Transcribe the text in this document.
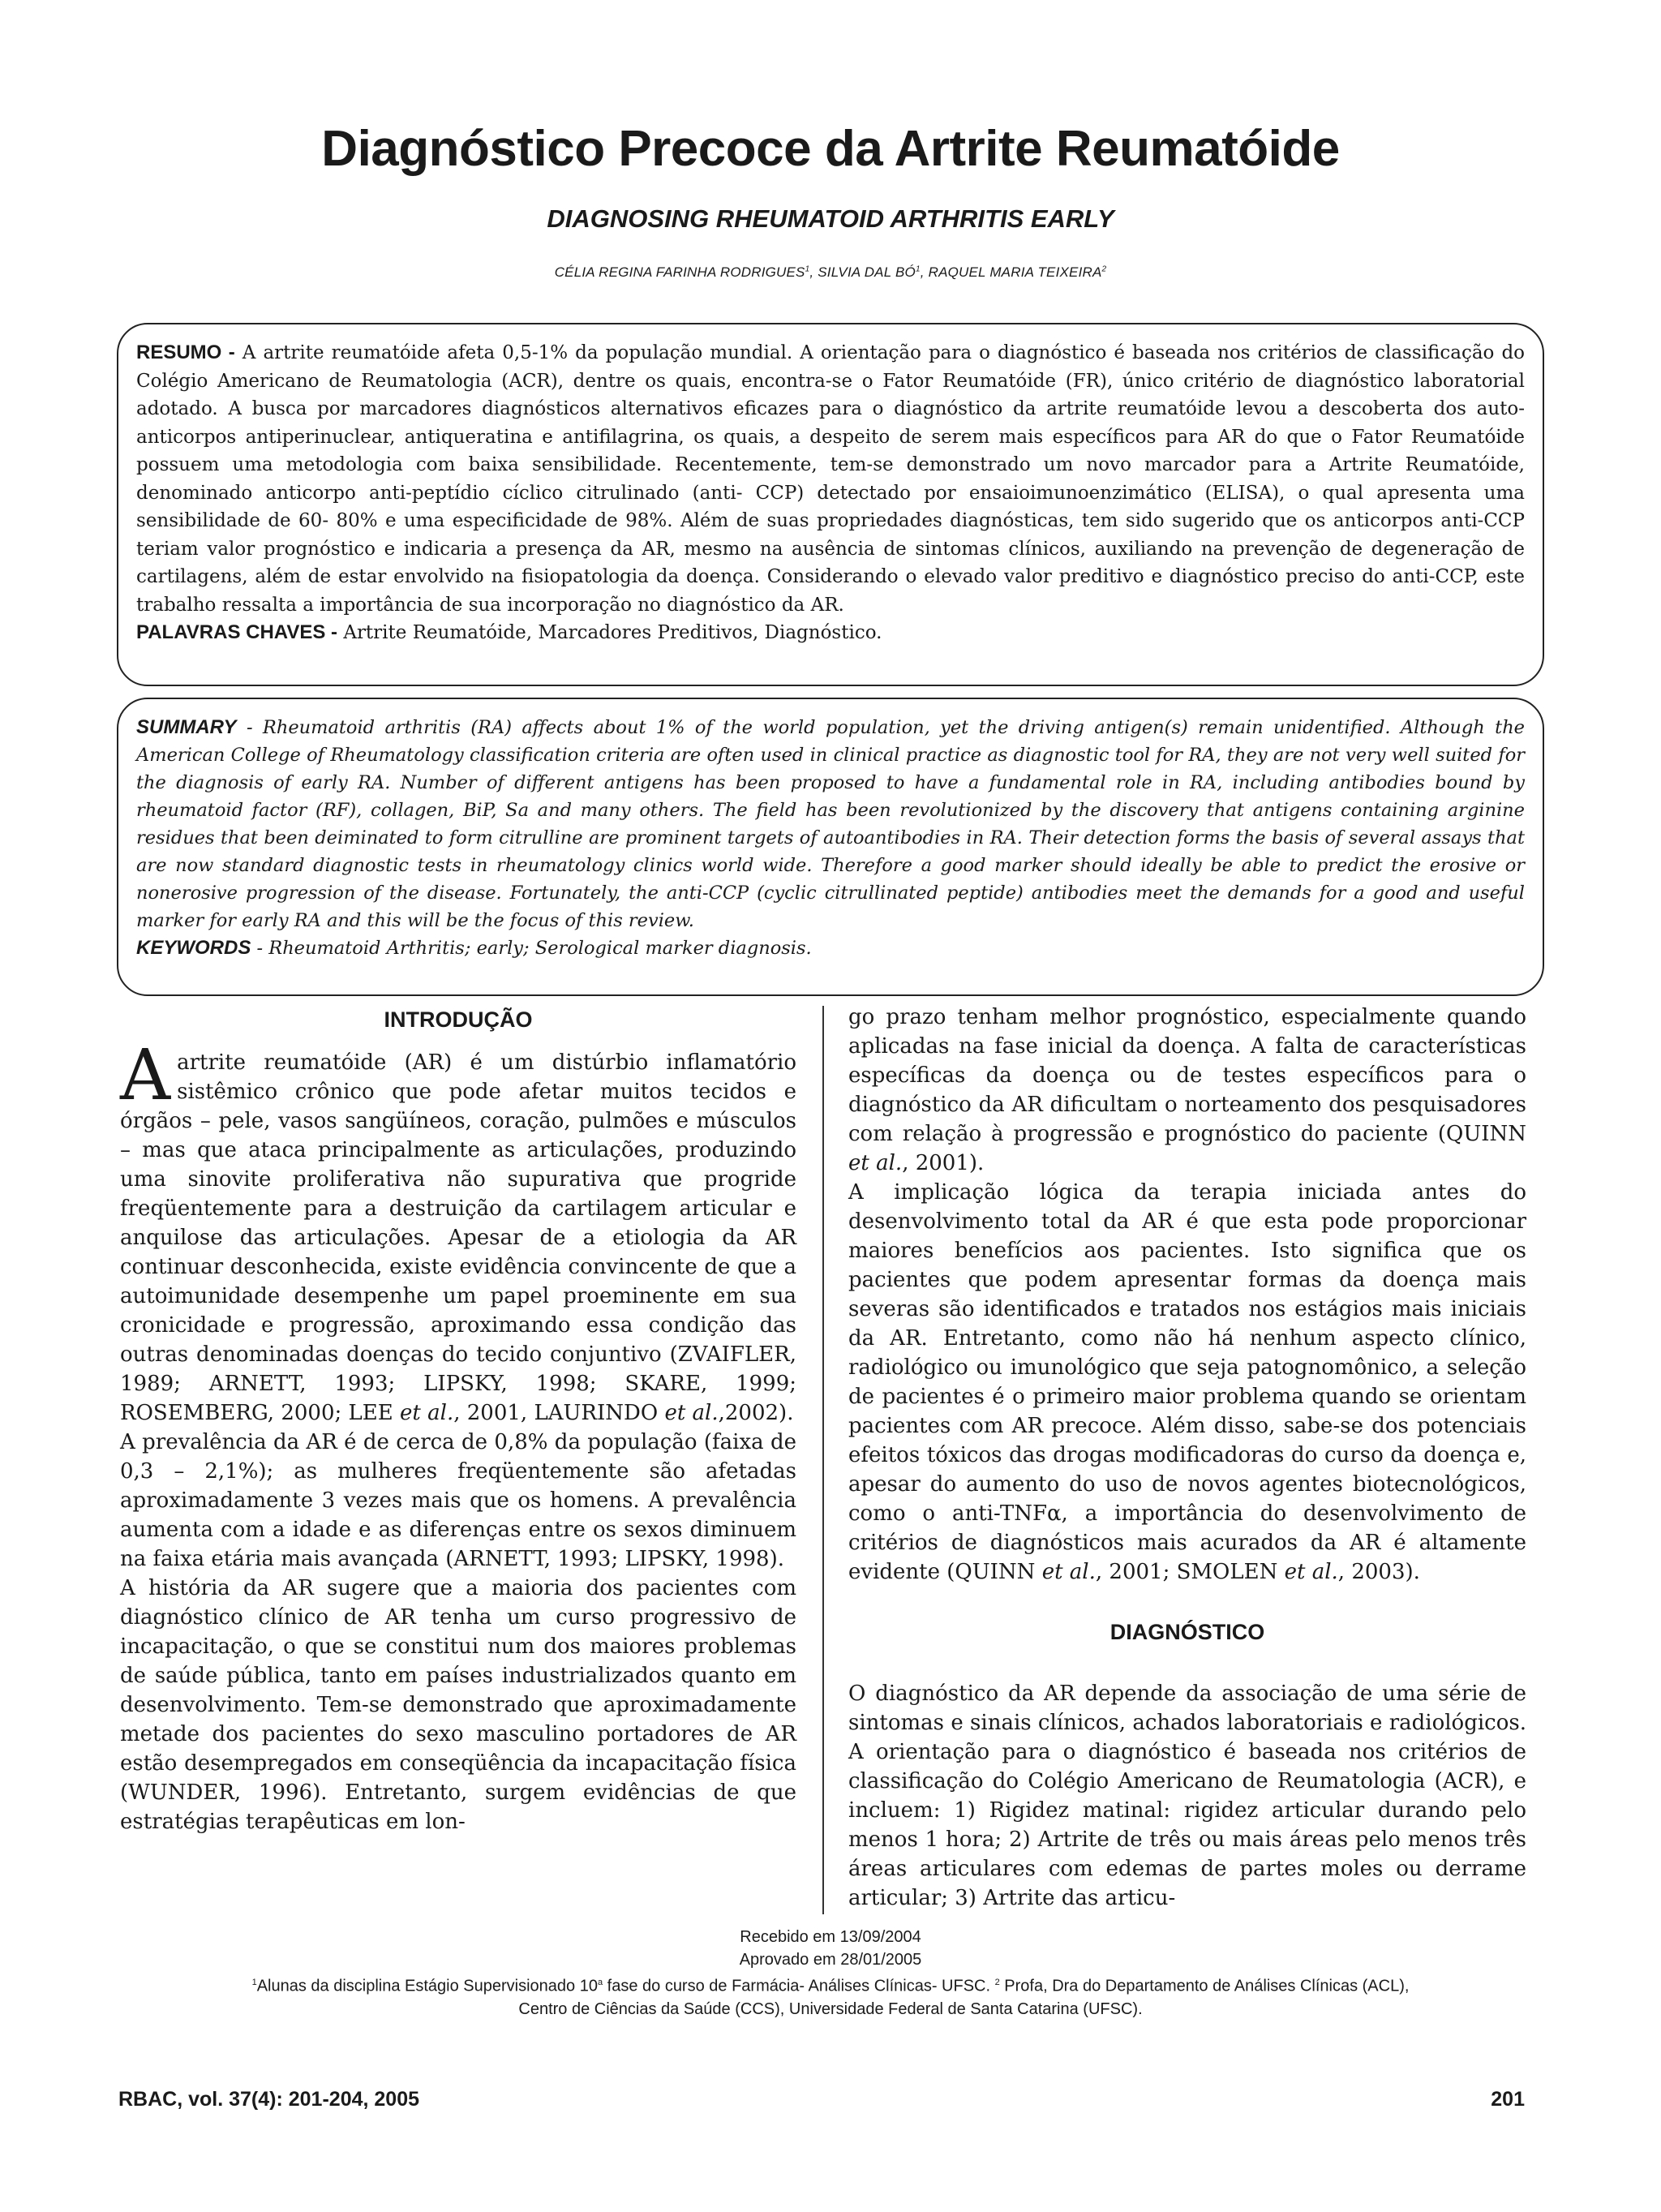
Diagnóstico Precoce da Artrite Reumatóide
DIAGNOSING RHEUMATOID ARTHRITIS EARLY
CÉLIA REGINA FARINHA RODRIGUES$^1$, SILVIA DAL $BÓ^1$, RAQUEL MARIA TEIXEIRA$^2$

RESUMO - A artrite reumatóide afeta 0,5-1% da população mundial. A orientação para o diagnóstico é baseada nos critérios de classificação do Colégio Americano de Reumatologia (ACR), dentre os quais, encontra-se o Fator Reumatóide (FR), único critério de diagnóstico laboratorial adotado. A busca por marcadores diagnósticos alternativos eficazes para o diagnóstico da artrite reumatóide levou a descoberta dos auto-anticorpos antiperinuclear, antiqueratina e antifilagrina, os quais, a despeito de serem mais específicos para AR do que o Fator Reumatóide possuem uma metodologia com baixa sensibilidade. Recentemente, tem-se demonstrado um novo marcador para a Artrite Reumatóide, denominado anticorpo anti-peptídio cíclico citrulinado (anti- CCP) detectado por ensaioimunoenzimático (ELISA), o qual apresenta uma sensibilidade de 60- 80% e uma especificidade de 98%. Além de suas propriedades diagnósticas, tem sido sugerido que os anticorpos anti-CCP teriam valor prognóstico e indicaria a presença da AR, mesmo na ausência de sintomas clínicos, auxiliando na prevenção de degeneração de cartilagens, além de estar envolvido na fisiopatologia da doença. Considerando o elevado valor preditivo e diagnóstico preciso do anti-CCP, este trabalho ressalta a importância de sua incorporação no diagnóstico da AR.

PALAVRAS CHAVES - Artrite Reumatóide, Marcadores Preditivos, Diagnóstico.

SUMMARY - Rheumatoid arthritis (RA) affects about 1% of the world population, yet the driving antigen(s) remain unidentified. Although the American College of Rheumatology classification criteria are often used in clinical practice as diagnostic tool for RA, they are not very well suited for the diagnosis of early RA. Number of different antigens has been proposed to have a fundamental role in RA, including antibodies bound by rheumatoid factor (RF), collagen, BiP, Sa and many others. The field has been revolutionized by the discovery that antigens containing arginine residues that been deiminated to form citrulline are prominent targets of autoantibodies in RA. Their detection forms the basis of several assays that are now standard diagnostic tests in rheumatology clinics world wide. Therefore a good marker should ideally be able to predict the erosive or nonerosive progression of the disease. Fortunately, the anti-CCP (cyclic citrullinated peptide) antibodies meet the demands for a good and useful marker for early RA and this will be the focus of this review.

KEYWORDS - Rheumatoid Arthritis; early; Serological marker diagnosis.

INTRODUÇÃO

Aartrite reumatóide (AR) é um distúrbio inflamatório sistêmico crônico que pode afetar muitos tecidos e órgãos – pele, vasos sangüíneos, coração, pulmões e músculos – mas que ataca principalmente as articulações, produzindo uma sinovite proliferativa não supurativa que progride freqüentemente para a destruição da cartilagem articular e anquilose das articulações. Apesar de a etiologia da AR continuar desconhecida, existe evidência convincente de que a autoimunidade desempenhe um papel proeminente em sua cronicidade e progressão, aproximando essa condição das outras denominadas doenças do tecido conjuntivo (ZVAIFLER, 1989; ARNETT, 1993; LIPSKY, 1998; SKARE, 1999; ROSEMBERG, 2000; LEE et al., 2001, LAURINDO et al.,2002).

A prevalência da AR é de cerca de 0,8% da população (faixa de 0,3 – 2,1%); as mulheres freqüentemente são afetadas aproximadamente 3 vezes mais que os homens. A prevalência aumenta com a idade e as diferenças entre os sexos diminuem na faixa etária mais avançada (ARNETT, 1993; LIPSKY, 1998).

A história da AR sugere que a maioria dos pacientes com diagnóstico clínico de AR tenha um curso progressivo de incapacitação, o que se constitui num dos maiores problemas de saúde pública, tanto em países industrializados quanto em desenvolvimento. Tem-se demonstrado que aproximadamente metade dos pacientes do sexo masculino portadores de AR estão desempregados em conseqüência da incapacitação física (WUNDER, 1996). Entretanto, surgem evidências de que estratégias terapêuticas em lon-

go prazo tenham melhor prognóstico, especialmente quando aplicadas na fase inicial da doença. A falta de características específicas da doença ou de testes específicos para o diagnóstico da AR dificultam o norteamento dos pesquisadores com relação à progressão e prognóstico do paciente (QUINN et al., 2001).

A implicação lógica da terapia iniciada antes do desenvolvimento total da AR é que esta pode proporcionar maiores benefícios aos pacientes. Isto significa que os pacientes que podem apresentar formas da doença mais severas são identificados e tratados nos estágios mais iniciais da AR. Entretanto, como não há nenhum aspecto clínico, radiológico ou imunológico que seja patognomônico, a seleção de pacientes é o primeiro maior problema quando se orientam pacientes com AR precoce. Além disso, sabe-se dos potenciais efeitos tóxicos das drogas modificadoras do curso da doença e, apesar do aumento do uso de novos agentes biotecnológicos, como o anti-TNFα, a importância do desenvolvimento de critérios de diagnósticos mais acurados da AR é altamente evidente (QUINN et al., 2001; SMOLEN et al., 2003).

DIAGNÓSTICO

O diagnóstico da AR depende da associação de uma série de sintomas e sinais clínicos, achados laboratoriais e radiológicos. A orientação para o diagnóstico é baseada nos critérios de classificação do Colégio Americano de Reumatologia (ACR), e incluem: 1) Rigidez matinal: rigidez articular durando pelo menos 1 hora; 2) Artrite de três ou mais áreas pelo menos três áreas articulares com edemas de partes moles ou derrame articular; 3) Artrite das articu-

Recebido em 13/09/2004
Aprovado em 28/01/2005
$^1$Alunas da disciplina Estágio Supervisionado 10$^a$ fase do curso de Farmácia- Análises Clínicas- UFSC. $^2$ Profa, Dra do Departamento de Análises Clínicas (ACL),
Centro de Ciências da Saúde (CCS), Universidade Federal de Santa Catarina (UFSC).
RBAC, vol. 37(4): 201-204, 2005	201
